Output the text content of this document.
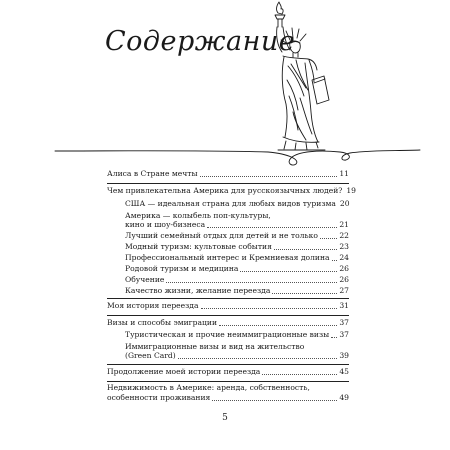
Содержание
Алиса в Стране мечты	11
Чем привлекательна Америка для русскоязычных людей? 19
США — идеальная страна для любых видов туризма 20
Америка — колыбель поп-культуры,
кино и шоу-бизнеса	21
Лучший семейный отдых для детей и не только	22
Модный туризм: культовые события	23
Профессиональный интерес и Кремниевая долина 24
Родовой туризм и медицина	26
Обучение	26
Качество жизни, желание переезда	27
Моя история переезда	31
Визы и способы эмиграции	37
Туристическая и прочие неиммиграционные визы 37
Иммиграционные визы и вид на жительство
(Green Card)	39
Продолжение моей истории переезда	45
Недвижимость в Америке: аренда, собственность,
особенности проживания	49
5
